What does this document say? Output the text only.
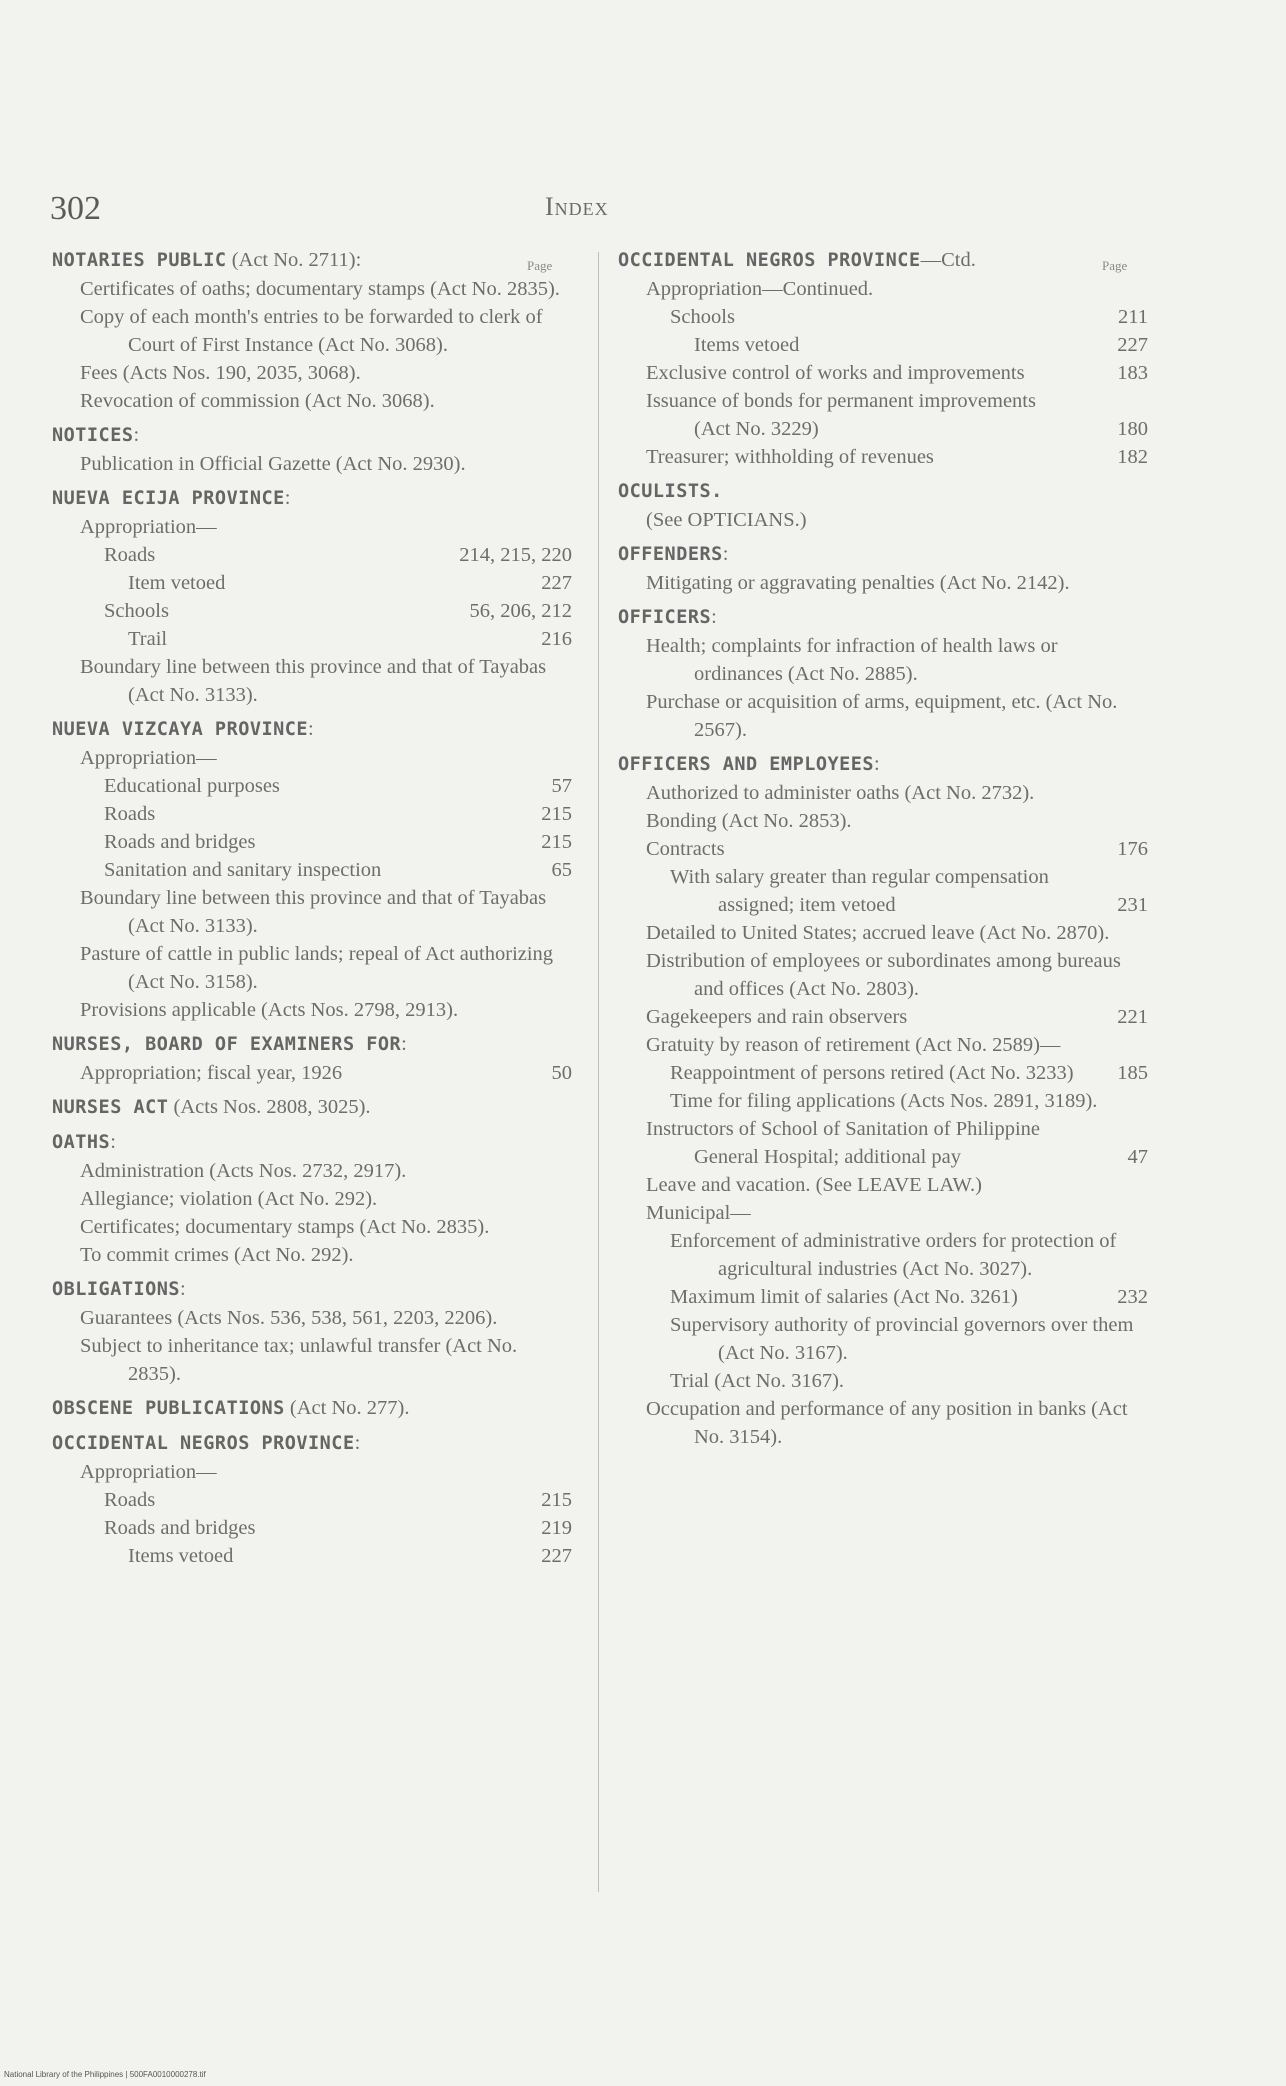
302	Index
Page	Page
NOTARIES PUBLIC (Act No. 2711):
Certificates of oaths; documentary stamps (Act No. 2835).
Copy of each month's entries to be forwarded to clerk of Court of First Instance (Act No. 3068).
Fees (Acts Nos. 190, 2035, 3068).
Revocation of commission (Act No. 3068).
NOTICES:
Publication in Official Gazette (Act No. 2930).
NUEVA ECIJA PROVINCE:
Appropriation—
Roads	214, 215, 220
Item vetoed	227
Schools	56, 206, 212
Trail	216
Boundary line between this province and that of Tayabas (Act No. 3133).
NUEVA VIZCAYA PROVINCE:
Appropriation—
Educational purposes	57
Roads	215
Roads and bridges	215
Sanitation and sanitary inspection	65
Boundary line between this province and that of Tayabas (Act No. 3133).
Pasture of cattle in public lands; repeal of Act authorizing (Act No. 3158).
Provisions applicable (Acts Nos. 2798, 2913).
NURSES, BOARD OF EXAMINERS FOR:
Appropriation; fiscal year, 1926	50
NURSES ACT (Acts Nos. 2808, 3025).
OATHS:
Administration (Acts Nos. 2732, 2917).
Allegiance; violation (Act No. 292).
Certificates; documentary stamps (Act No. 2835).
To commit crimes (Act No. 292).
OBLIGATIONS:
Guarantees (Acts Nos. 536, 538, 561, 2203, 2206).
Subject to inheritance tax; unlawful transfer (Act No. 2835).
OBSCENE PUBLICATIONS (Act No. 277).
OCCIDENTAL NEGROS PROVINCE:
Appropriation—
Roads	215
Roads and bridges	219
Items vetoed	227
OCCIDENTAL NEGROS PROVINCE—Ctd.
Appropriation—Continued.
Schools	211
Items vetoed	227
Exclusive control of works and improvements	183
Issuance of bonds for permanent improvements (Act No. 3229)	180
Treasurer; withholding of revenues	182
OCULISTS.
(See OPTICIANS.)
OFFENDERS:
Mitigating or aggravating penalties (Act No. 2142).
OFFICERS:
Health; complaints for infraction of health laws or ordinances (Act No. 2885).
Purchase or acquisition of arms, equipment, etc. (Act No. 2567).
OFFICERS AND EMPLOYEES:
Authorized to administer oaths (Act No. 2732).
Bonding (Act No. 2853).
Contracts	176
With salary greater than regular compensation assigned; item vetoed	231
Detailed to United States; accrued leave (Act No. 2870).
Distribution of employees or subordinates among bureaus and offices (Act No. 2803).
Gagekeepers and rain observers	221
Gratuity by reason of retirement (Act No. 2589)—
Reappointment of persons retired (Act No. 3233)	185
Time for filing applications (Acts Nos. 2891, 3189).
Instructors of School of Sanitation of Philippine General Hospital; additional pay	47
Leave and vacation. (See LEAVE LAW.)
Municipal—
Enforcement of administrative orders for protection of agricultural industries (Act No. 3027).
Maximum limit of salaries (Act No. 3261)	232
Supervisory authority of provincial governors over them (Act No. 3167).
Trial (Act No. 3167).
Occupation and performance of any position in banks (Act No. 3154).
National Library of the Philippines | 500FA0010000278.tif
